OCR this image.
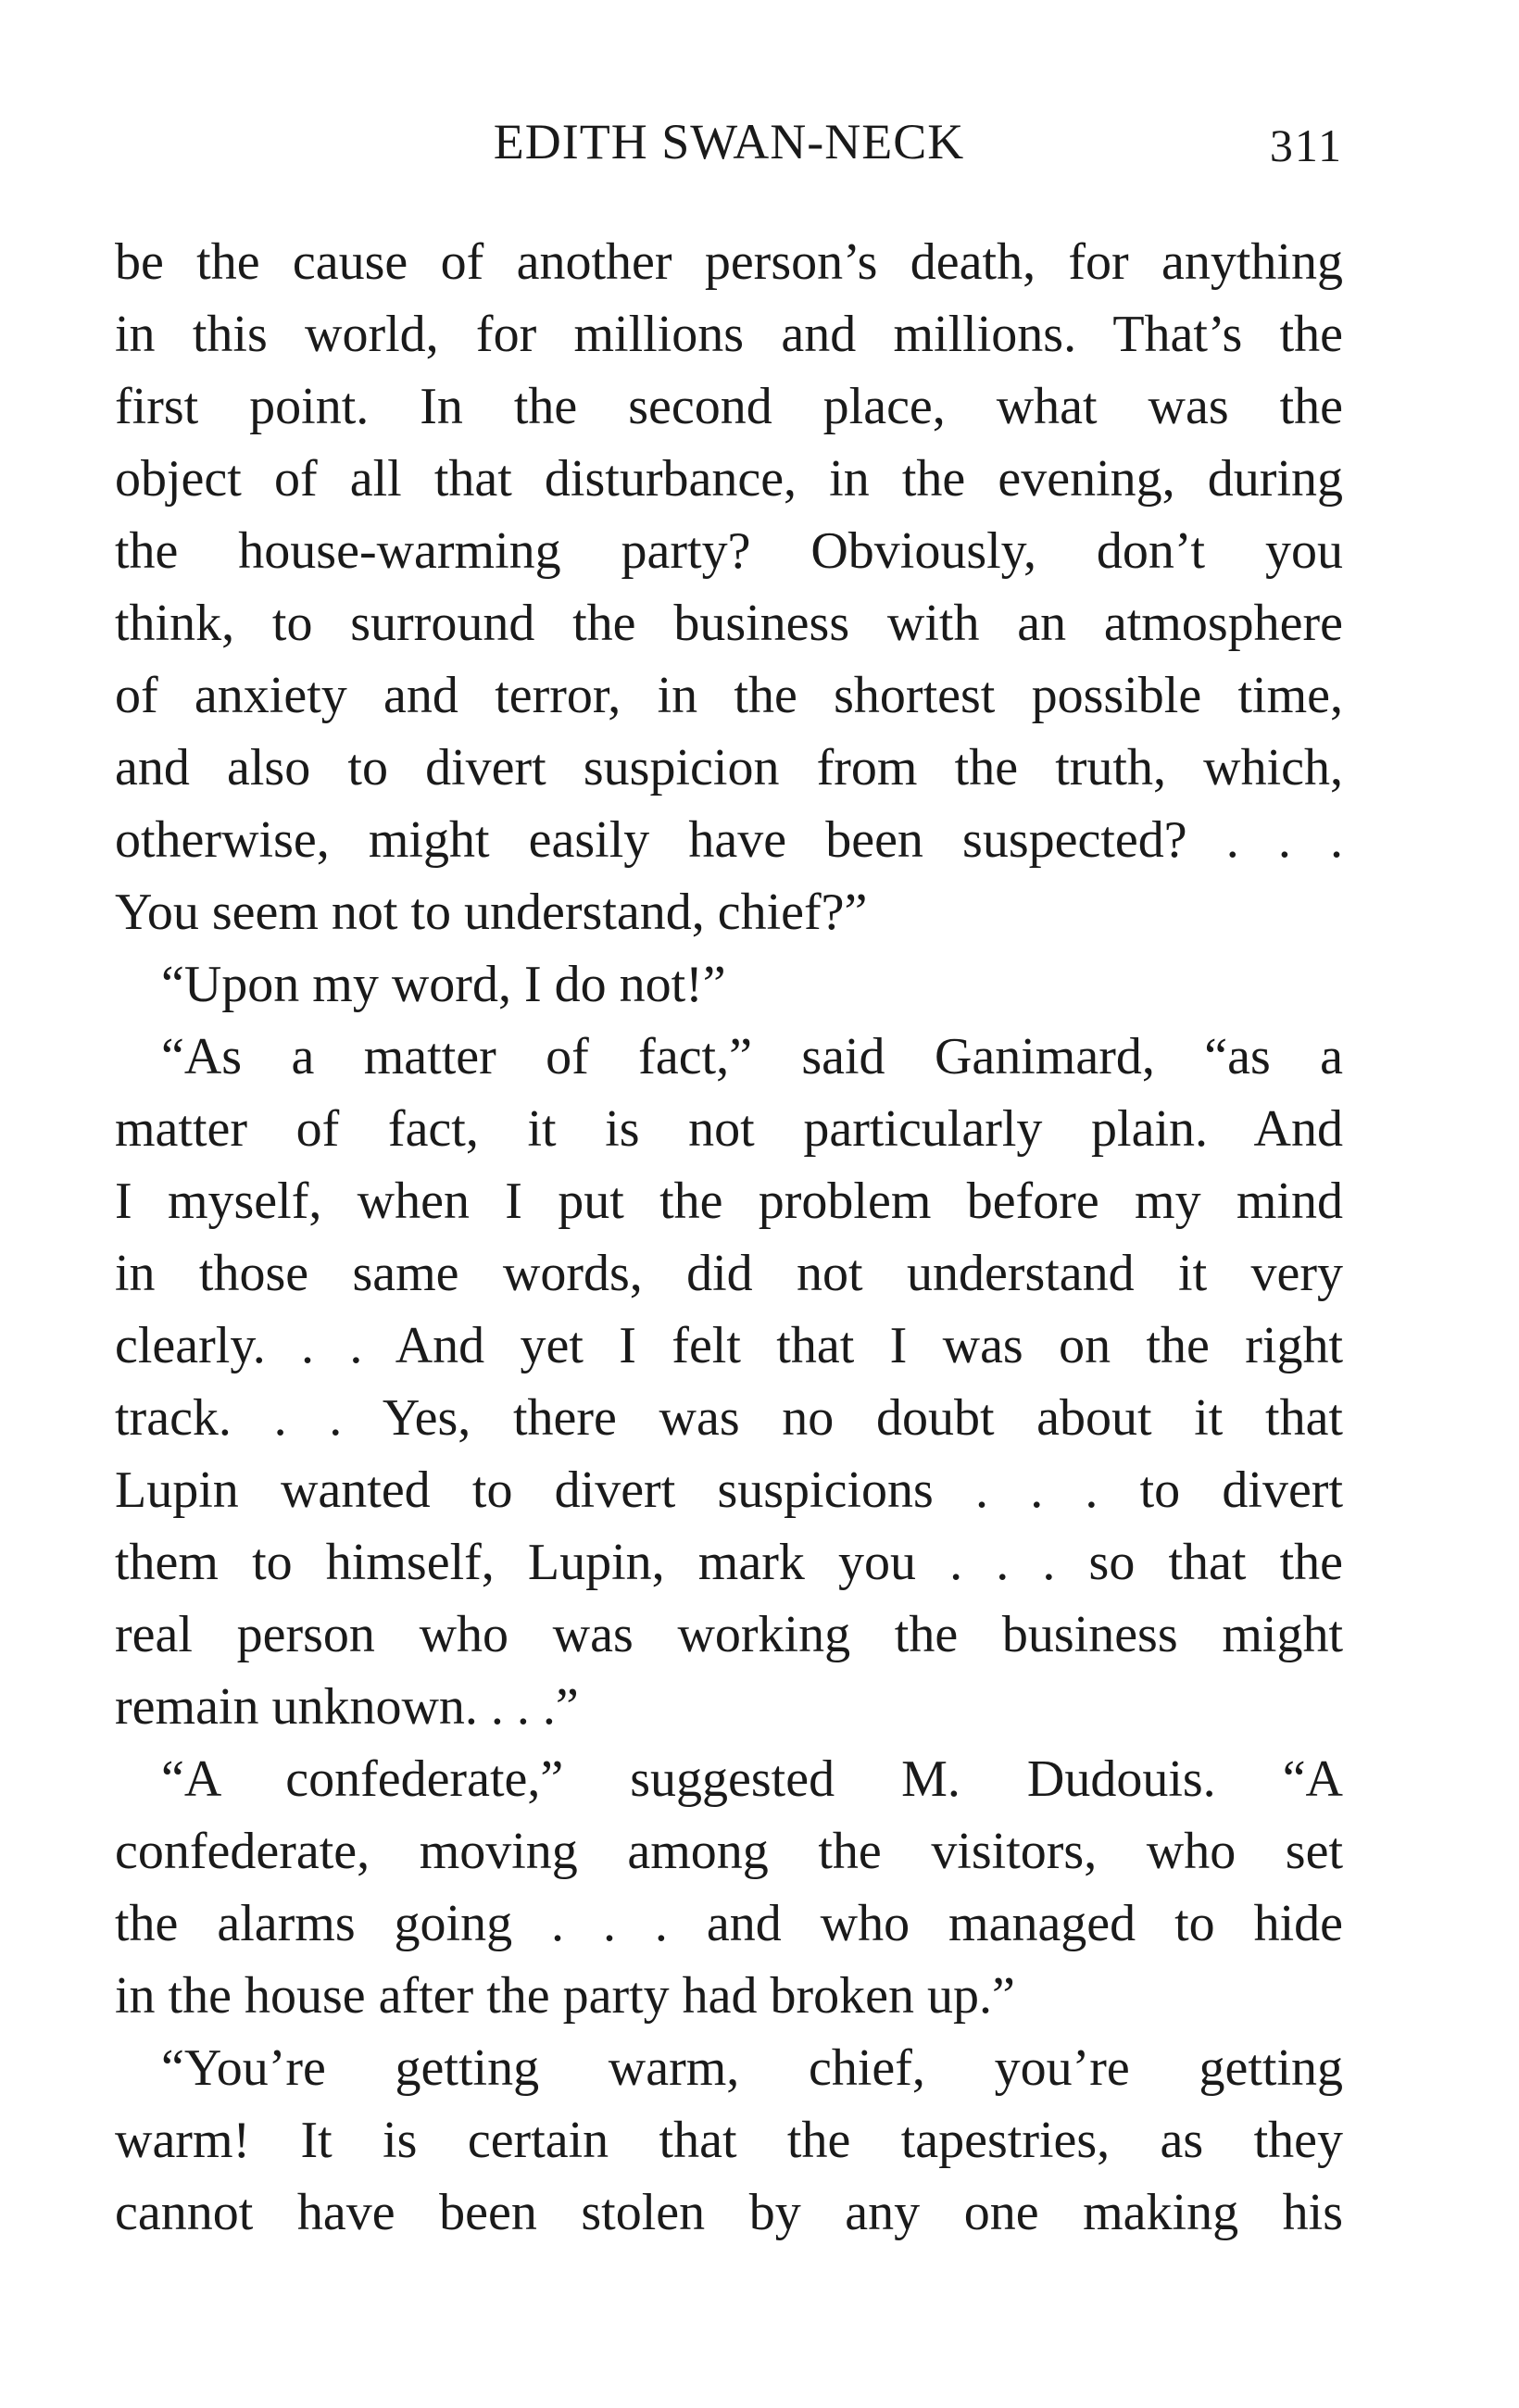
EDITH SWAN-NECK	311
be the cause of another person’s death, for anything
in this world, for millions and millions. That’s the
first point. In the second place, what was the
object of all that disturbance, in the evening, during
the house-warming party? Obviously, don’t you
think, to surround the business with an atmosphere
of anxiety and terror, in the shortest possible time,
and also to divert suspicion from the truth, which,
otherwise, might easily have been suspected? . . .
You seem not to understand, chief?”
“Upon my word, I do not!”
“As a matter of fact,” said Ganimard, “as a
matter of fact, it is not particularly plain. And
I myself, when I put the problem before my mind
in those same words, did not understand it very
clearly. . . And yet I felt that I was on the right
track. . . Yes, there was no doubt about it that
Lupin wanted to divert suspicions . . . to divert
them to himself, Lupin, mark you . . . so that the
real person who was working the business might
remain unknown. . . .”
“A confederate,” suggested M. Dudouis. “A
confederate, moving among the visitors, who set
the alarms going . . . and who managed to hide
in the house after the party had broken up.”
“You’re getting warm, chief, you’re getting
warm! It is certain that the tapestries, as they
cannot have been stolen by any one making his
